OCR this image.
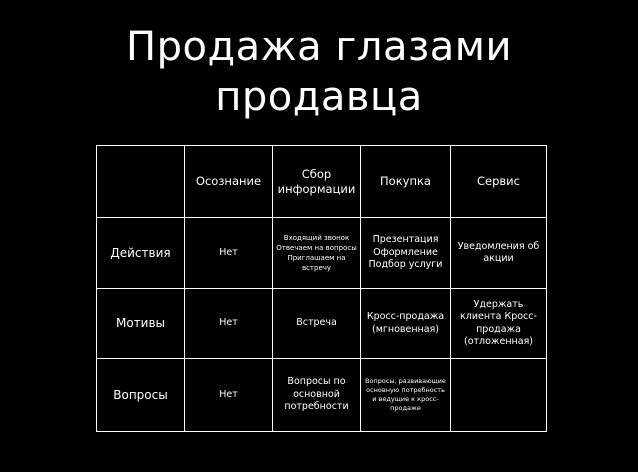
Продажа глазами
продавца
	Осознание	Сбор информации	Покупка	Сервис
Действия	Нет	Входящий звонок Отвечаем на вопросы Приглашаем на встречу	Презентация Оформление Подбор услуги	Уведомления об акции
Мотивы	Нет	Встреча	Кросс-продажа (мгновенная)	Удержать клиента Кросс-продажа (отложенная)
Вопросы	Нет	Вопросы по основной потребности	Вопросы, развивающие основную потребность и ведущие к кросс-продаже	
